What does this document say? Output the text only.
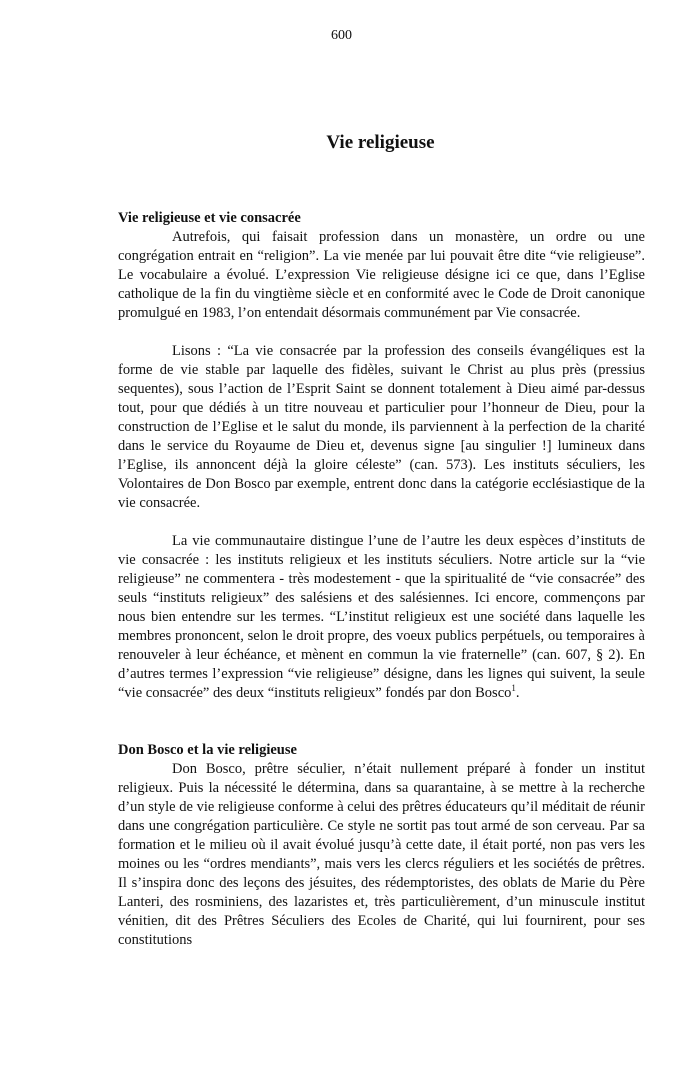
600
Vie religieuse
Vie religieuse et vie consacrée

Autrefois, qui faisait profession dans un monastère, un ordre ou une congrégation entrait en “religion”. La vie menée par lui pouvait être dite “vie religieuse”. Le vocabulaire a évolué. L’expression Vie religieuse désigne ici ce que, dans l’Eglise catholique de la fin du vingtième siècle et en conformité avec le Code de Droit canonique promulgué en 1983, l’on entendait désormais communément par Vie consacrée.

Lisons : “La vie consacrée par la profession des conseils évangéliques est la forme de vie stable par laquelle des fidèles, suivant le Christ au plus près (pressius sequentes), sous l’action de l’Esprit Saint se donnent totalement à Dieu aimé par-dessus tout, pour que dédiés à un titre nouveau et particulier pour l’honneur de Dieu, pour la construction de l’Eglise et le salut du monde, ils parviennent à la perfection de la charité dans le service du Royaume de Dieu et, devenus signe [au singulier !] lumineux dans l’Eglise, ils annoncent déjà la gloire céleste” (can. 573). Les instituts séculiers, les Volontaires de Don Bosco par exemple, entrent donc dans la catégorie ecclésiastique de la vie consacrée.

La vie communautaire distingue l’une de l’autre les deux espèces d’instituts de vie consacrée : les instituts religieux et les instituts séculiers. Notre article sur la “vie religieuse” ne commentera - très modestement - que la spiritualité de “vie consacrée” des seuls “instituts religieux” des salésiens et des salésiennes. Ici encore, commençons par nous bien entendre sur les termes. “L’institut religieux est une société dans laquelle les membres prononcent, selon le droit propre, des voeux publics perpétuels, ou temporaires à renouveler à leur échéance, et mènent en commun la vie fraternelle” (can. 607, § 2). En d’autres termes l’expression “vie religieuse” désigne, dans les lignes qui suivent, la seule “vie consacrée” des deux “instituts religieux” fondés par don Bosco$^1$.

Don Bosco et la vie religieuse

Don Bosco, prêtre séculier, n’était nullement préparé à fonder un institut religieux. Puis la nécessité le détermina, dans sa quarantaine, à se mettre à la recherche d’un style de vie religieuse conforme à celui des prêtres éducateurs qu’il méditait de réunir dans une congrégation particulière. Ce style ne sortit pas tout armé de son cerveau. Par sa formation et le milieu où il avait évolué jusqu’à cette date, il était porté, non pas vers les moines ou les “ordres mendiants”, mais vers les clercs réguliers et les sociétés de prêtres. Il s’inspira donc des leçons des jésuites, des rédemptoristes, des oblats de Marie du Père Lanteri, des rosminiens, des lazaristes et, très particulièrement, d’un minuscule institut vénitien, dit des Prêtres Séculiers des Ecoles de Charité, qui lui fournirent, pour ses constitutions
